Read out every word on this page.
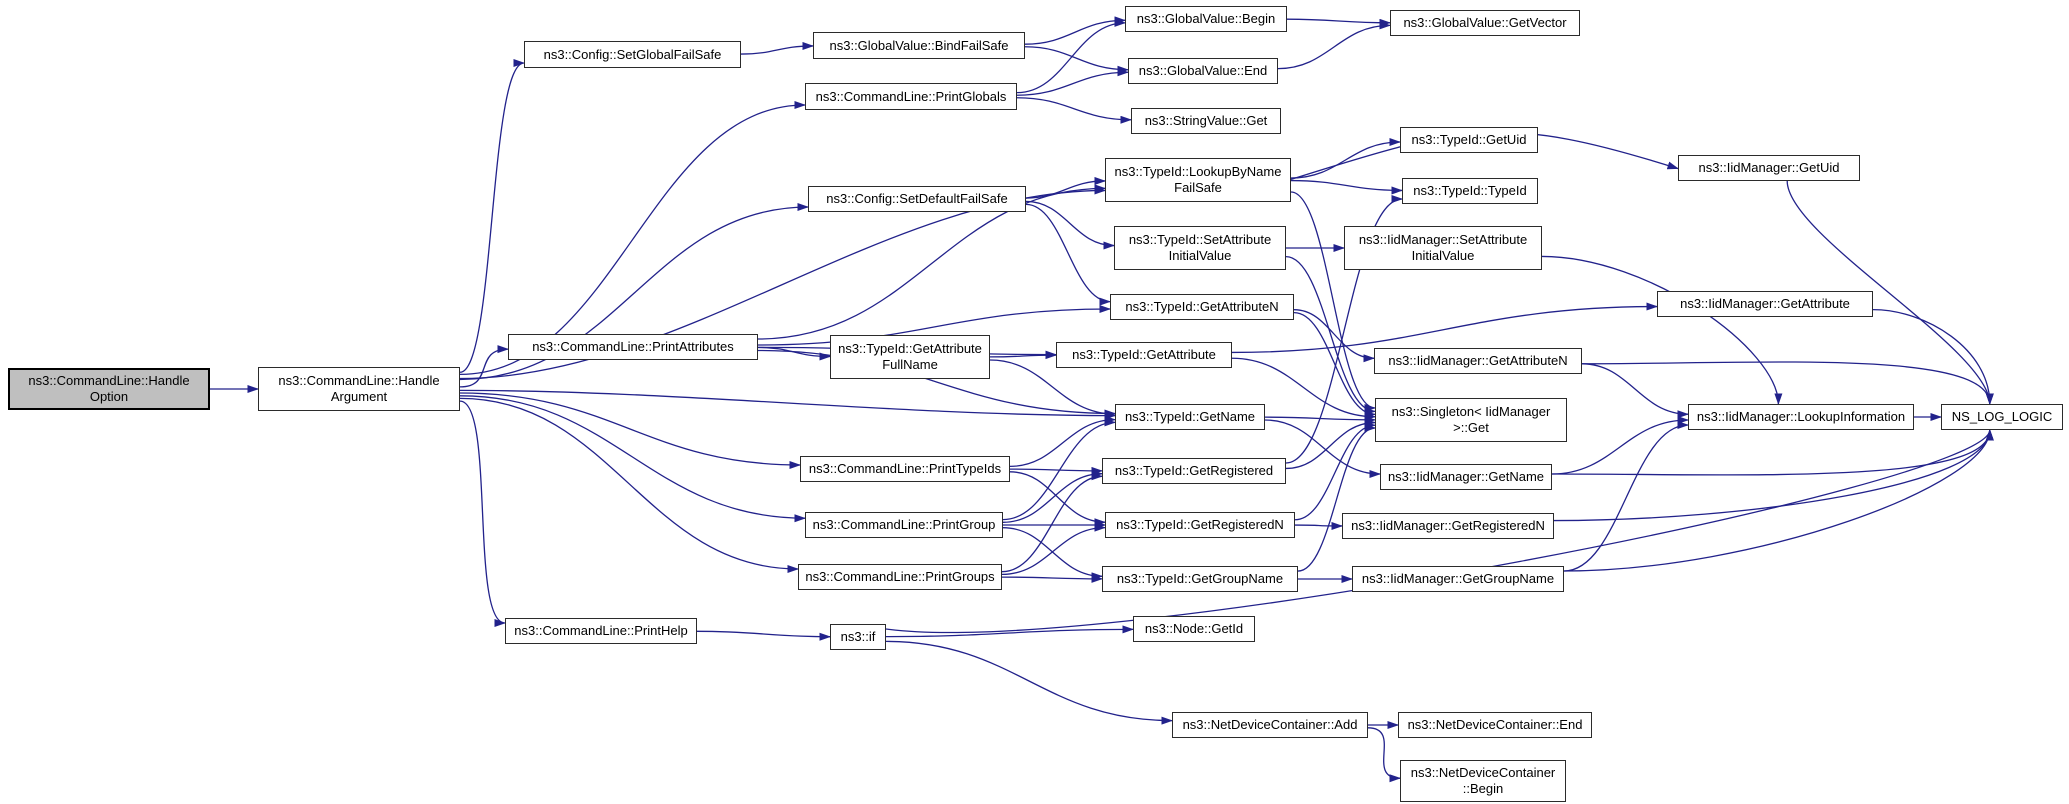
ns3::CommandLine::Handle
Option
ns3::CommandLine::Handle
Argument
ns3::Config::SetGlobalFailSafe
ns3::GlobalValue::BindFailSafe
ns3::CommandLine::PrintGlobals
ns3::GlobalValue::Begin
ns3::GlobalValue::End
ns3::StringValue::Get
ns3::GlobalValue::GetVector
ns3::Config::SetDefaultFailSafe
ns3::TypeId::LookupByName
FailSafe
ns3::TypeId::GetUid
ns3::TypeId::TypeId
ns3::IidManager::GetUid
ns3::TypeId::SetAttribute
InitialValue
ns3::IidManager::SetAttribute
InitialValue
ns3::TypeId::GetAttributeN	ns3::IidManager::GetAttribute
ns3::CommandLine::PrintAttributes	ns3::TypeId::GetAttribute
FullName
ns3::TypeId::GetAttribute	ns3::IidManager::GetAttributeN
ns3::TypeId::GetName	ns3::Singleton< IidManager
>::Get
ns3::IidManager::LookupInformation	NS_LOG_LOGIC
ns3::IidManager::GetName
ns3::CommandLine::PrintTypeIds	ns3::TypeId::GetRegistered
ns3::TypeId::GetRegisteredN	ns3::IidManager::GetRegisteredN
ns3::CommandLine::PrintGroup
ns3::TypeId::GetGroupName	ns3::IidManager::GetGroupName
ns3::CommandLine::PrintGroups
ns3::CommandLine::PrintHelp	ns3::if
ns3::Node::GetId
ns3::NetDeviceContainer::Add	ns3::NetDeviceContainer::End
ns3::NetDeviceContainer
::Begin
